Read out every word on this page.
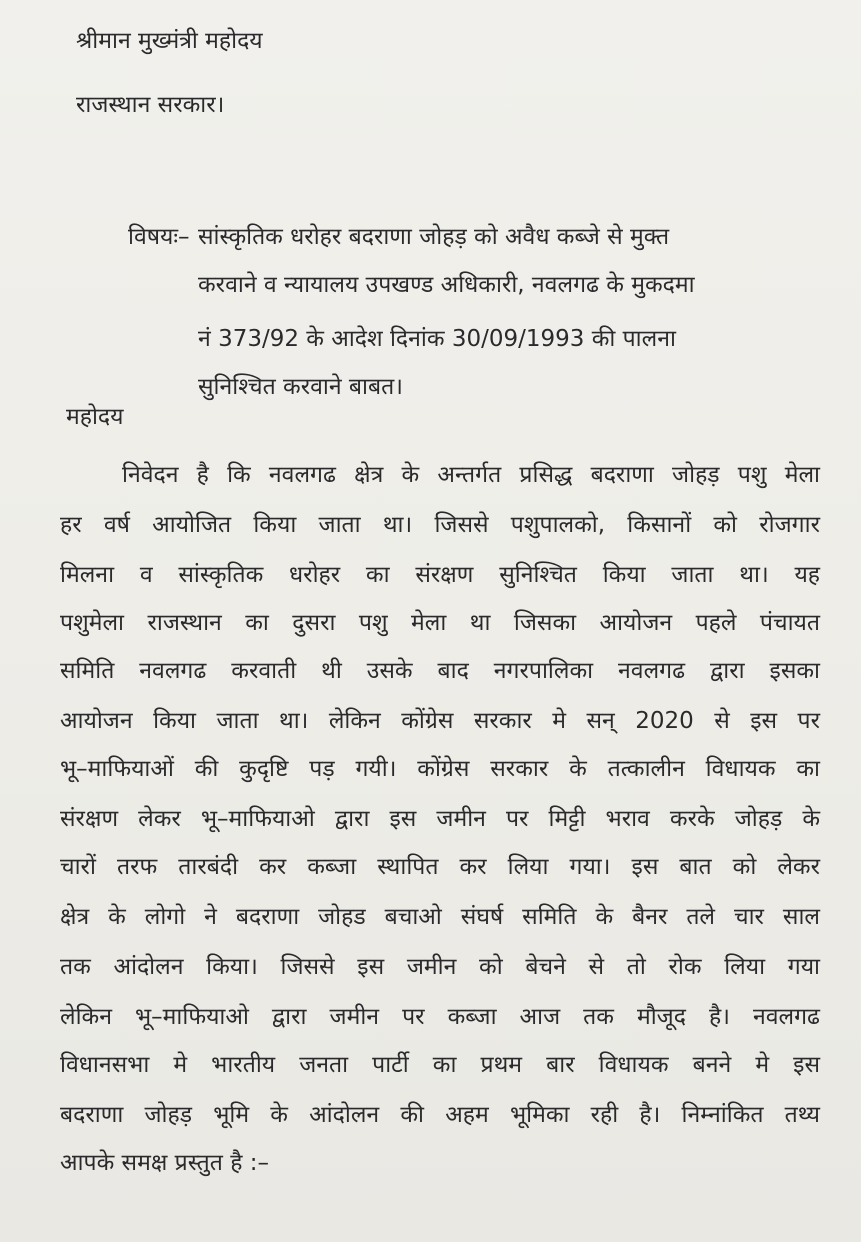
श्रीमान मुख्मंत्री महोदय
राजस्थान सरकार।
विषयः– सांस्कृतिक धरोहर बदराणा जोहड़ को अवैध कब्जे से मुक्त
करवाने व न्यायालय उपखण्ड अधिकारी, नवलगढ के मुकदमा
नं 373/92 के आदेश दिनांक 30/09/1993 की पालना
सुनिश्चित करवाने बाबत।
महोदय
निवेदन है कि नवलगढ क्षेत्र के अन्तर्गत प्रसिद्ध बदराणा जोहड़ पशु मेला
हर वर्ष आयोजित किया जाता था। जिससे पशुपालको, किसानों को रोजगार
मिलना व सांस्कृतिक धरोहर का संरक्षण सुनिश्चित किया जाता था। यह
पशुमेला राजस्थान का दुसरा पशु मेला था जिसका आयोजन पहले पंचायत
समिति नवलगढ करवाती थी उसके बाद नगरपालिका नवलगढ द्वारा इसका
आयोजन किया जाता था। लेकिन कोंग्रेस सरकार मे सन् 2020 से इस पर
भू–माफियाओं की कुदृष्टि पड़ गयी। कोंग्रेस सरकार के तत्कालीन विधायक का
संरक्षण लेकर भू–माफियाओ द्वारा इस जमीन पर मिट्टी भराव करके जोहड़ के
चारों तरफ तारबंदी कर कब्जा स्थापित कर लिया गया। इस बात को लेकर
क्षेत्र के लोगो ने बदराणा जोहड बचाओ संघर्ष समिति के बैनर तले चार साल
तक आंदोलन किया। जिससे इस जमीन को बेचने से तो रोक लिया गया
लेकिन भू–माफियाओ द्वारा जमीन पर कब्जा आज तक मौजूद है। नवलगढ
विधानसभा मे भारतीय जनता पार्टी का प्रथम बार विधायक बनने मे इस
बदराणा जोहड़ भूमि के आंदोलन की अहम भूमिका रही है। निम्नांकित तथ्य
आपके समक्ष प्रस्तुत है :–
